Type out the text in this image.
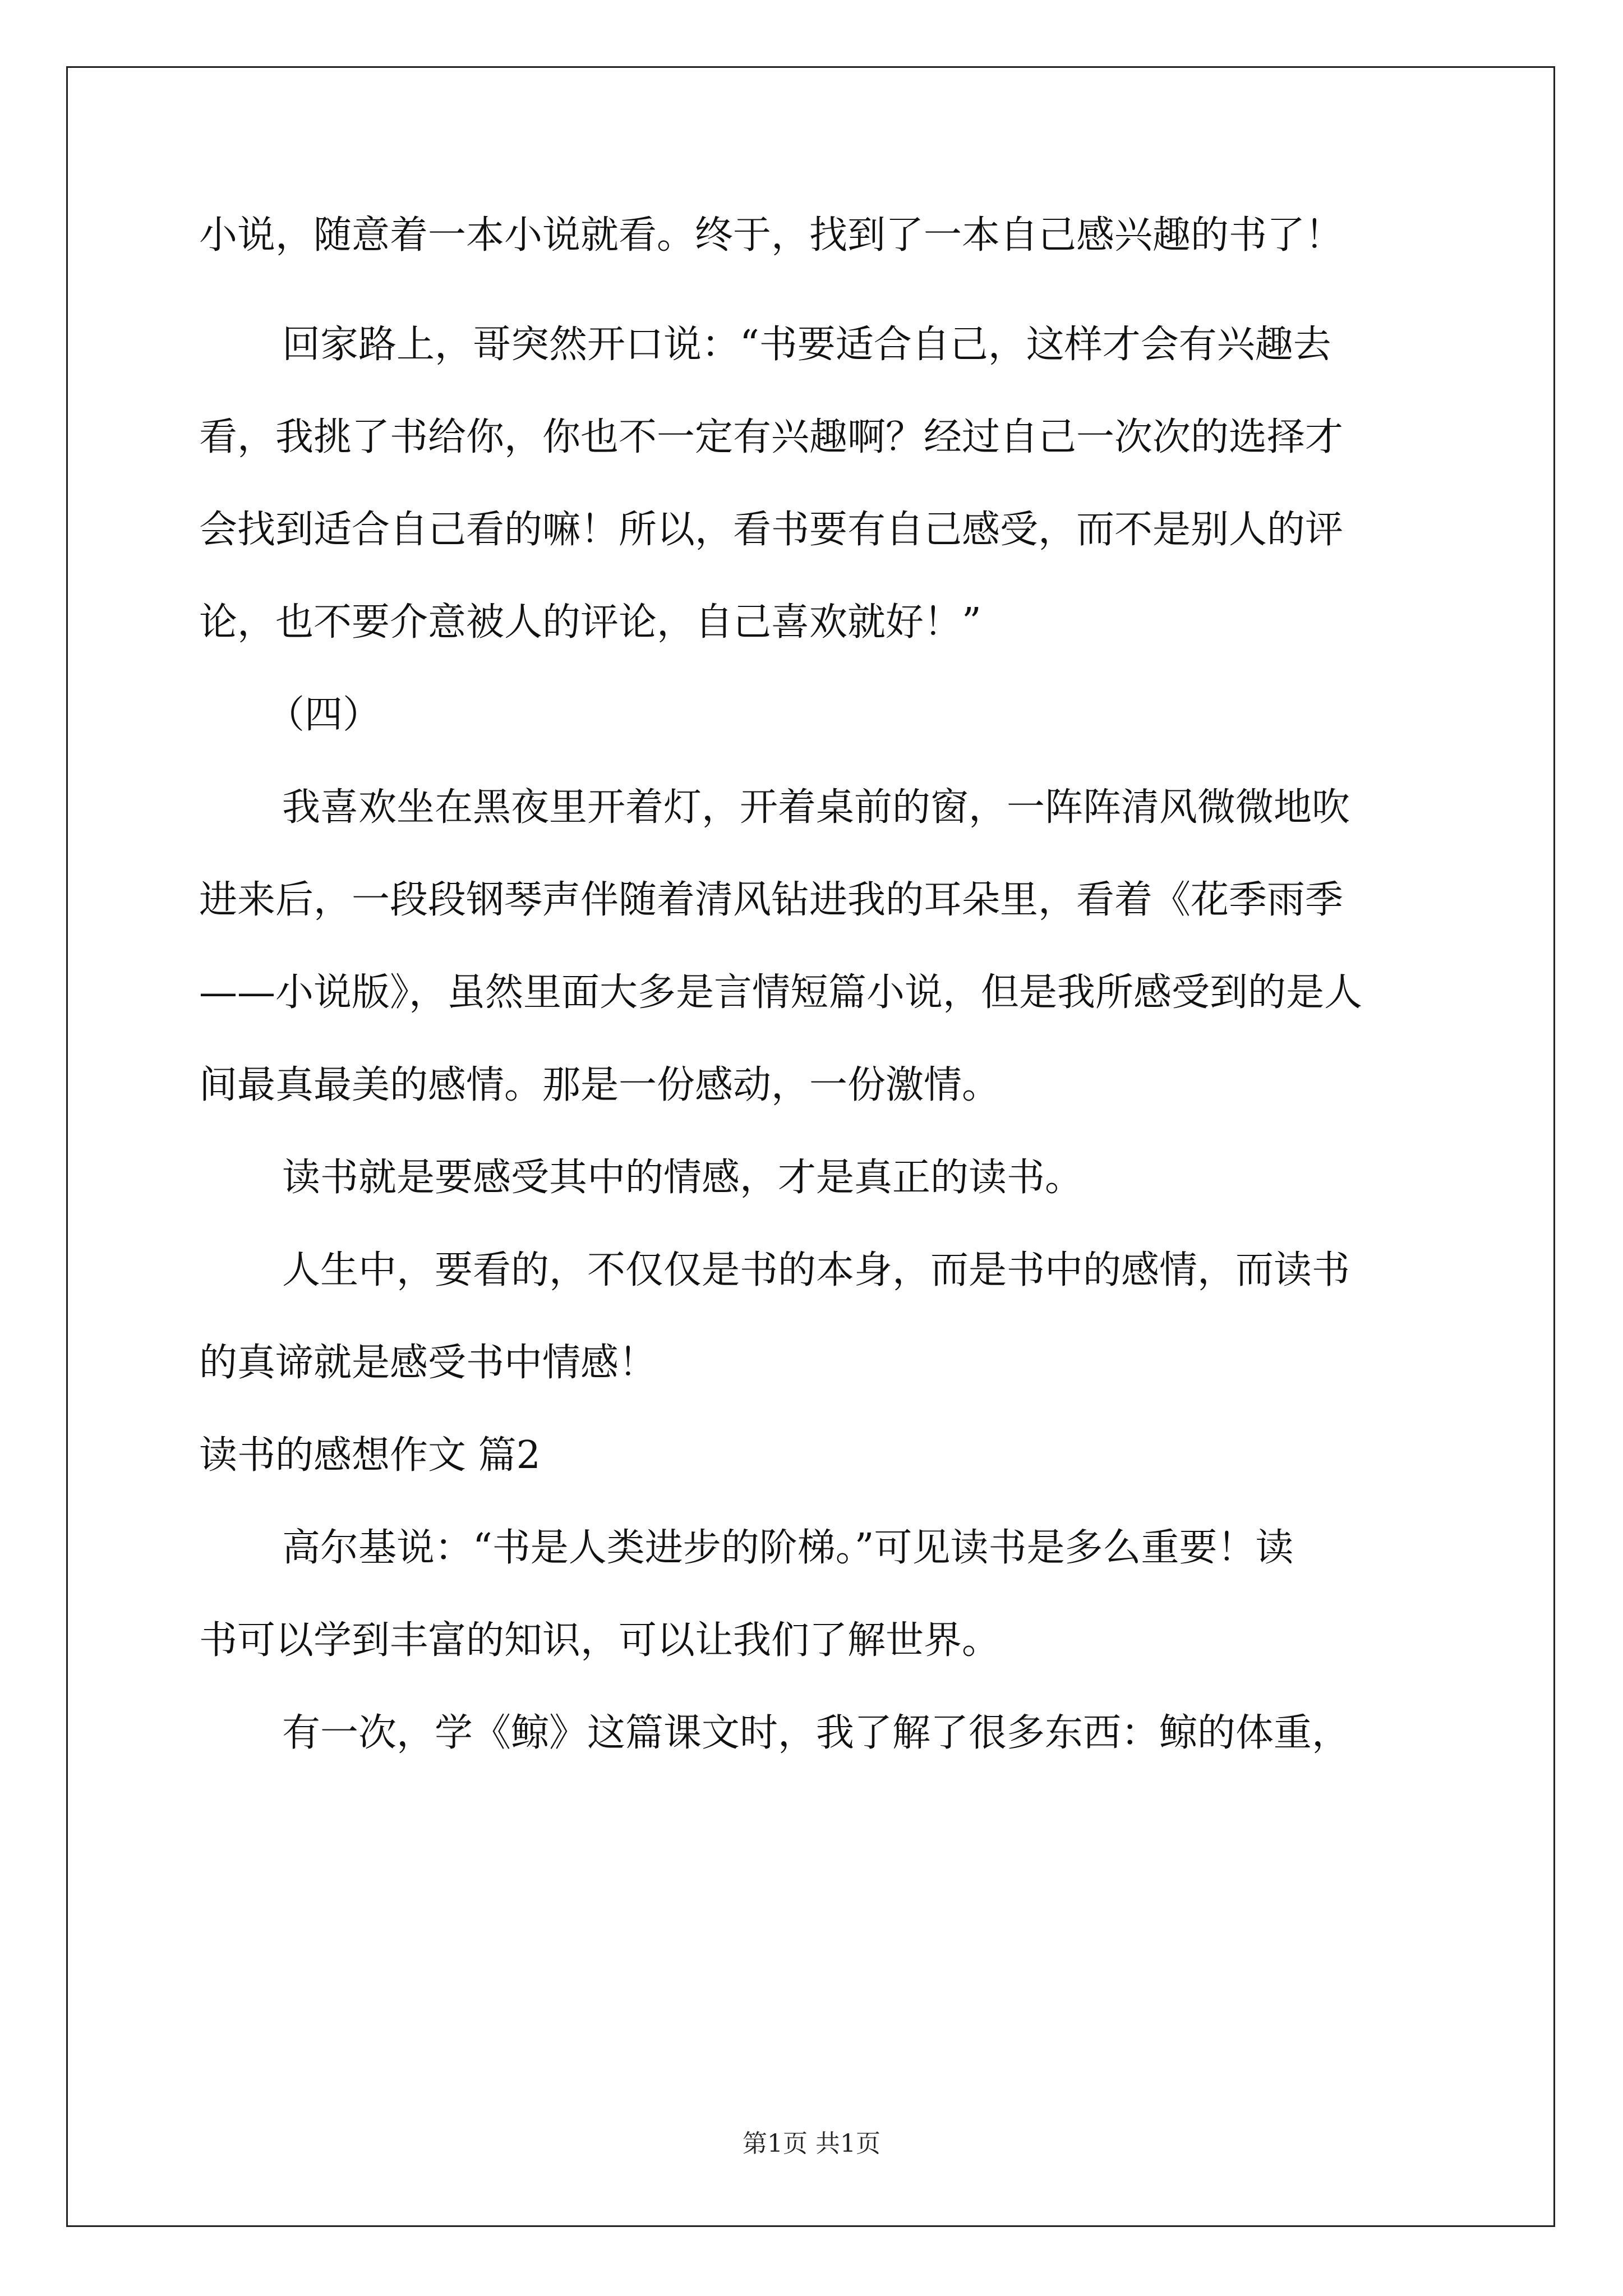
小说，随意着一本小说就看。终于，找到了一本自己感兴趣的书了！
回家路上，哥突然开口说：“书要适合自己，这样才会有兴趣去
看，我挑了书给你，你也不一定有兴趣啊？经过自己一次次的选择才
会找到适合自己看的嘛！所以，看书要有自己感受，而不是别人的评
论，也不要介意被人的评论，自己喜欢就好！”
（四）
我喜欢坐在黑夜里开着灯，开着桌前的窗，一阵阵清风微微地吹
进来后，一段段钢琴声伴随着清风钻进我的耳朵里，看着《花季雨季
——小说版》，虽然里面大多是言情短篇小说，但是我所感受到的是人
间最真最美的感情。那是一份感动，一份激情。
读书就是要感受其中的情感，才是真正的读书。
人生中，要看的，不仅仅是书的本身，而是书中的感情，而读书
的真谛就是感受书中情感！
读书的感想作文 篇2
高尔基说：“书是人类进步的阶梯。”可见读书是多么重要！读
书可以学到丰富的知识，可以让我们了解世界。
有一次，学《鲸》这篇课文时，我了解了很多东西：鲸的体重，
第1页 共1页
